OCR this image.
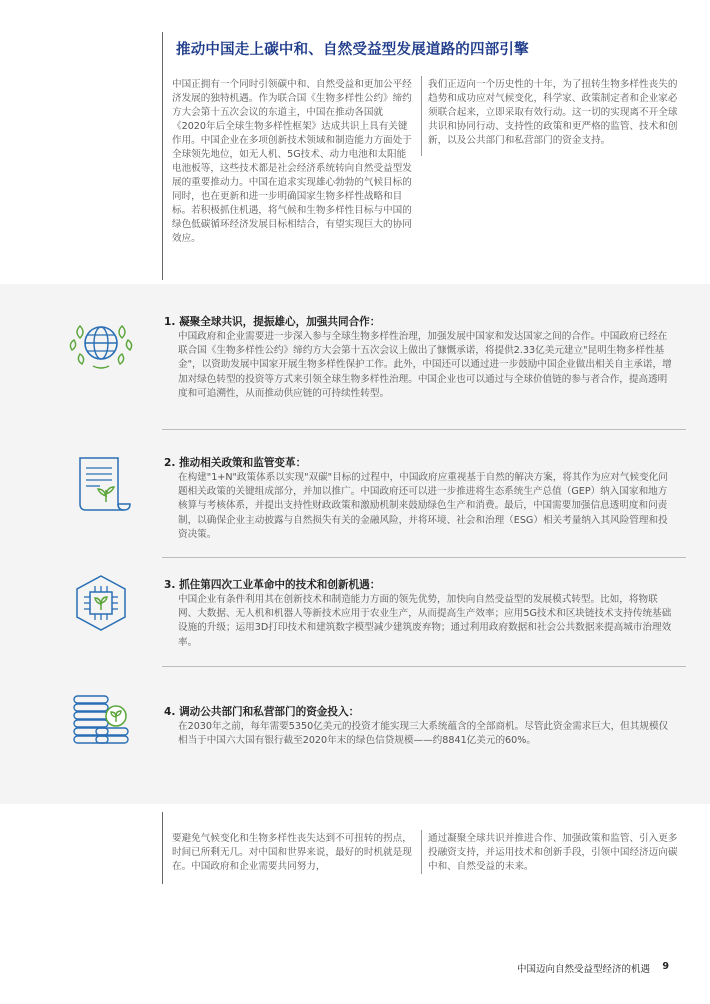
推动中国走上碳中和、自然受益型发展道路的四部引擎
中国正拥有一个同时引领碳中和、自然受益和更加公平经济发展的独特机遇。作为联合国《生物多样性公约》缔约方大会第十五次会议的东道主，中国在推动各国就《2020年后全球生物多样性框架》达成共识上具有关键作用。中国企业在多项创新技术领域和制造能力方面处于全球领先地位，如无人机、5G技术、动力电池和太阳能电池板等，这些技术都是社会经济系统转向自然受益型发展的重要推动力。中国在追求实现雄心勃勃的气候目标的同时，也在更新和进一步明确国家生物多样性战略和目标。若积极抓住机遇，将气候和生物多样性目标与中国的绿色低碳循环经济发展目标相结合，有望实现巨大的协同效应。
我们正迈向一个历史性的十年，为了扭转生物多样性丧失的趋势和成功应对气候变化，科学家、政策制定者和企业家必须联合起来，立即采取有效行动。这一切的实现离不开全球共识和协同行动、支持性的政策和更严格的监管、技术和创新，以及公共部门和私营部门的资金支持。
1. 凝聚全球共识，提振雄心，加强共同合作：
中国政府和企业需要进一步深入参与全球生物多样性治理，加强发展中国家和发达国家之间的合作。中国政府已经在联合国《生物多样性公约》缔约方大会第十五次会议上做出了慷慨承诺，将提供2.33亿美元建立"昆明生物多样性基金"，以资助发展中国家开展生物多样性保护工作。此外，中国还可以通过进一步鼓励中国企业做出相关自主承诺，增加对绿色转型的投资等方式来引领全球生物多样性治理。中国企业也可以通过与全球价值链的参与者合作，提高透明度和可追溯性，从而推动供应链的可持续性转型。
2. 推动相关政策和监管变革：
在构建"1+N"政策体系以实现"双碳"目标的过程中，中国政府应重视基于自然的解决方案，将其作为应对气候变化问题相关政策的关键组成部分，并加以推广。中国政府还可以进一步推进将生态系统生产总值（GEP）纳入国家和地方核算与考核体系，并提出支持性财政政策和激励机制来鼓励绿色生产和消费。最后，中国需要加强信息透明度和问责制，以确保企业主动披露与自然损失有关的金融风险，并将环境、社会和治理（ESG）相关考量纳入其风险管理和投资决策。
3. 抓住第四次工业革命中的技术和创新机遇：
中国企业有条件利用其在创新技术和制造能力方面的领先优势，加快向自然受益型的发展模式转型。比如，将物联网、大数据、无人机和机器人等新技术应用于农业生产，从而提高生产效率；应用5G技术和区块链技术支持传统基础设施的升级；运用3D打印技术和建筑数字模型减少建筑废弃物；通过利用政府数据和社会公共数据来提高城市治理效率。
4. 调动公共部门和私营部门的资金投入：
在2030年之前，每年需要5350亿美元的投资才能实现三大系统蕴含的全部商机。尽管此资金需求巨大，但其规模仅相当于中国六大国有银行截至2020年末的绿色信贷规模——约8841亿美元的60%。
要避免气候变化和生物多样性丧失达到不可扭转的拐点，时间已所剩无几。对中国和世界来说，最好的时机就是现在。中国政府和企业需要共同努力，
通过凝聚全球共识并推进合作、加强政策和监管、引入更多投融资支持，并运用技术和创新手段，引领中国经济迈向碳中和、自然受益的未来。
中国迈向自然受益型经济的机遇 9
